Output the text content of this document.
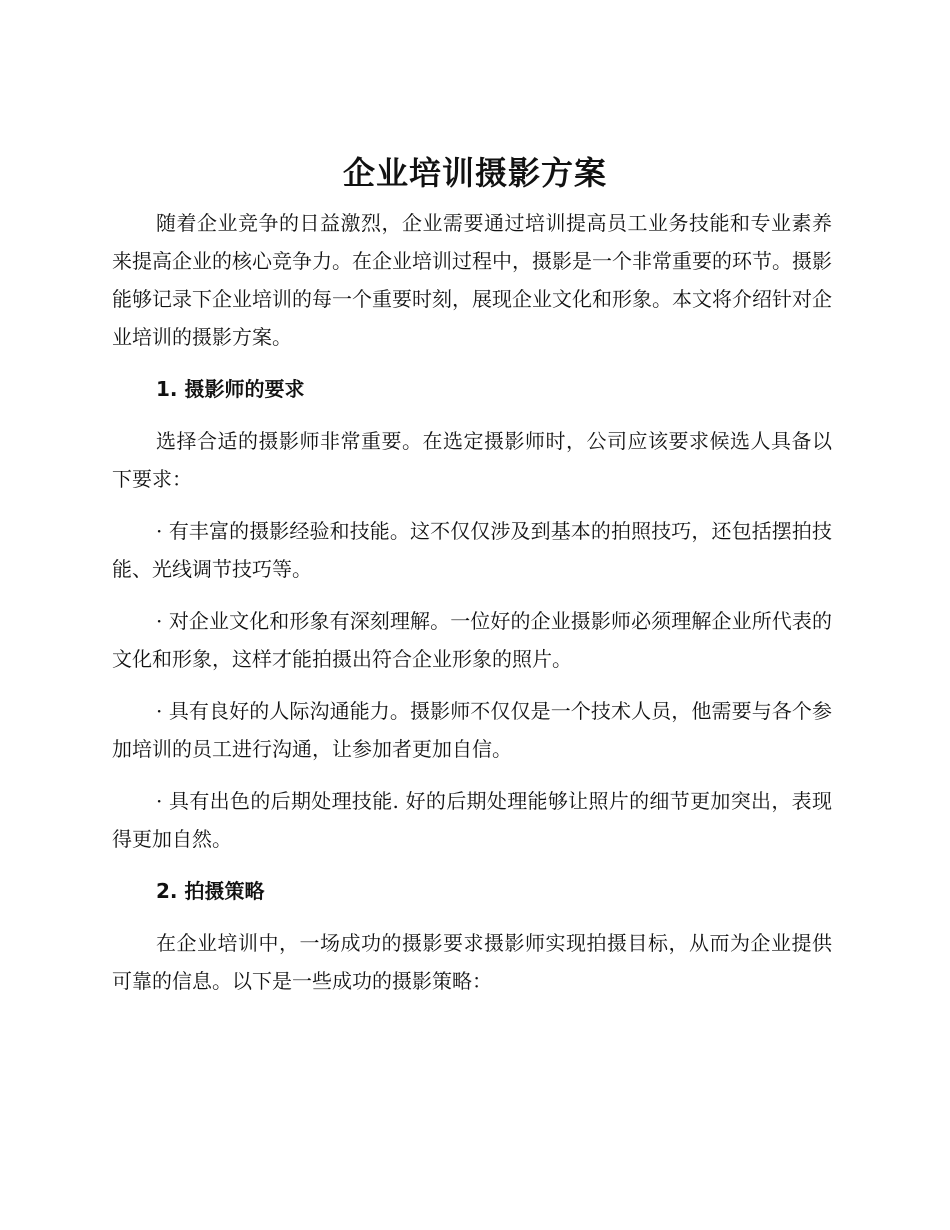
企业培训摄影方案

随着企业竞争的日益激烈，企业需要通过培训提高员工业务技能和专业素养来提高企业的核心竞争力。在企业培训过程中，摄影是一个非常重要的环节。摄影能够记录下企业培训的每一个重要时刻，展现企业文化和形象。本文将介绍针对企业培训的摄影方案。

1. 摄影师的要求

选择合适的摄影师非常重要。在选定摄影师时，公司应该要求候选人具备以下要求：

· 有丰富的摄影经验和技能。这不仅仅涉及到基本的拍照技巧，还包括摆拍技能、光线调节技巧等。

· 对企业文化和形象有深刻理解。一位好的企业摄影师必须理解企业所代表的文化和形象，这样才能拍摄出符合企业形象的照片。

· 具有良好的人际沟通能力。摄影师不仅仅是一个技术人员，他需要与各个参加培训的员工进行沟通，让参加者更加自信。

· 具有出色的后期处理技能. 好的后期处理能够让照片的细节更加突出，表现得更加自然。

2. 拍摄策略

在企业培训中，一场成功的摄影要求摄影师实现拍摄目标，从而为企业提供可靠的信息。以下是一些成功的摄影策略：
